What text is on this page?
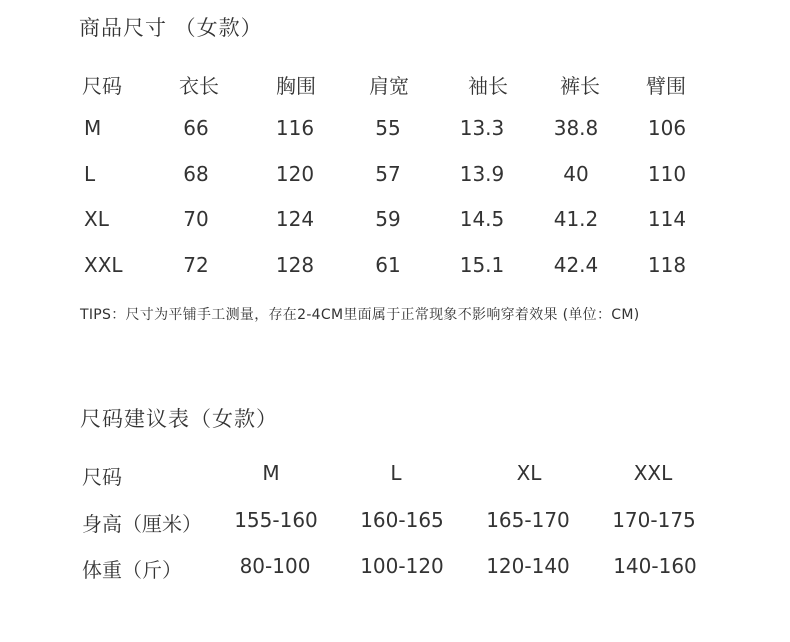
商品尺寸 （女款）
尺码	衣长	胸围	肩宽	袖长	裤长 臂围
M	66	116	55	13.3 38.8 106
L	68	120	57	13.9	40	110
XL	70	124	59	14.5 41.2 114
XXL	72	128	61	15.1 42.4 118
TIPS：尺寸为平铺手工测量，存在2-4CM里面属于正常现象不影响穿着效果 (单位：CM)
尺码建议表（女款）
尺码	M	L	XL	XXL
身高（厘米） 155-160 160-165 165-170 170-175
体重（斤）	80-100 100-120 120-140 140-160
